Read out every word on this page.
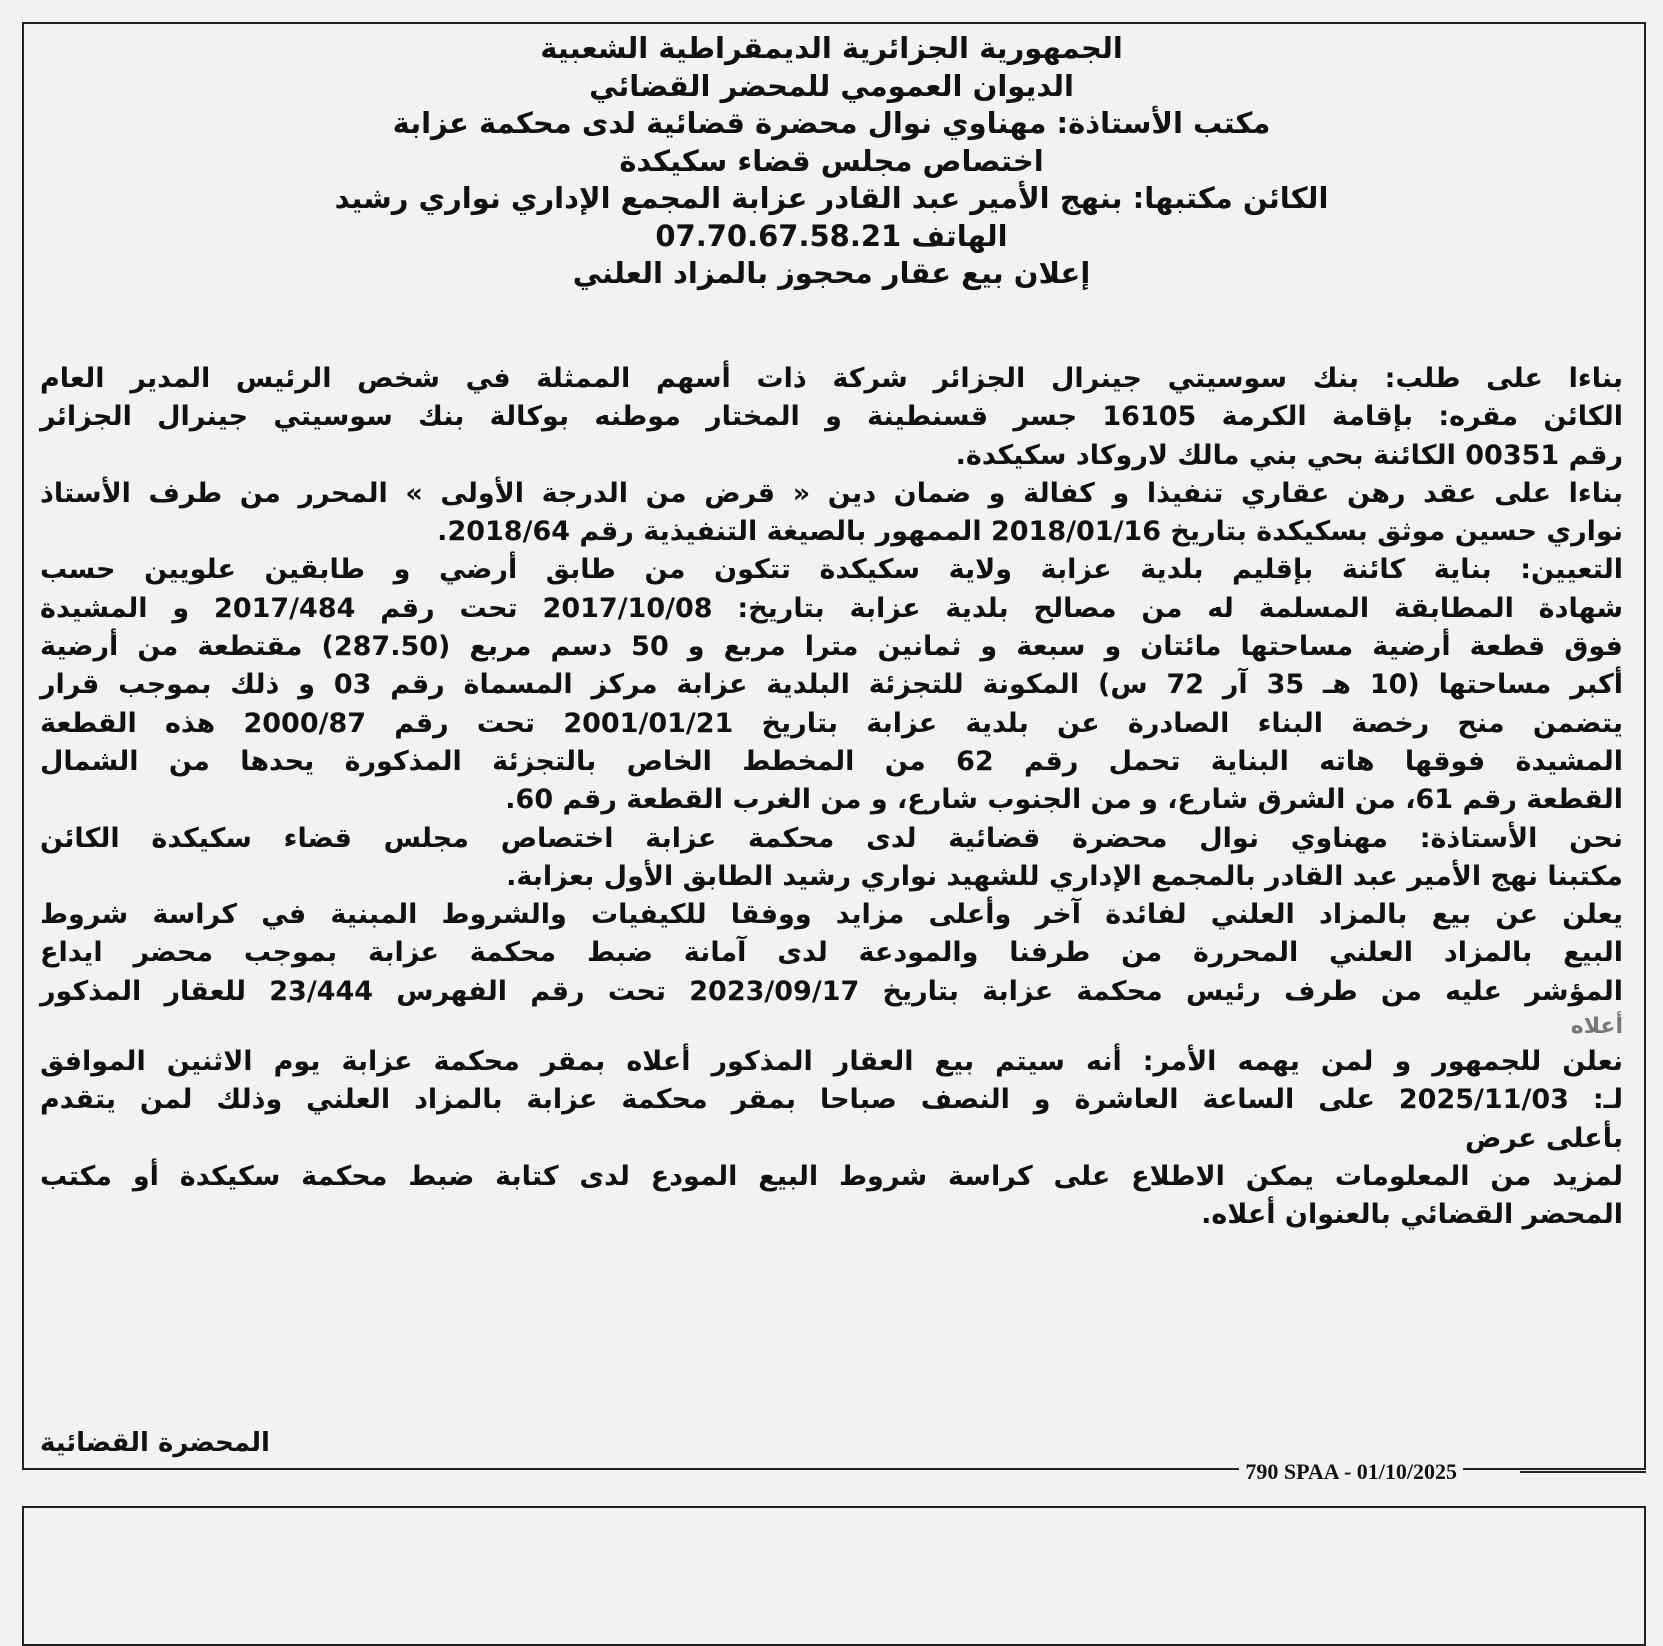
الجمهورية الجزائرية الديمقراطية الشعبية
الديوان العمومي للمحضر القضائي
مكتب الأستاذة: مهناوي نوال محضرة قضائية لدى محكمة عزابة
اختصاص مجلس قضاء سكيكدة
الكائن مكتبها: بنهج الأمير عبد القادر عزابة المجمع الإداري نواري رشيد
الهاتف 07.70.67.58.21
إعلان بيع عقار محجوز بالمزاد العلني
بناءا على طلب: بنك سوسيتي جينرال الجزائر شركة ذات أسهم الممثلة في شخص الرئيس المدير العام
الكائن مقره: بإقامة الكرمة 16105 جسر قسنطينة و المختار موطنه بوكالة بنك سوسيتي جينرال الجزائر
رقم 00351 الكائنة بحي بني مالك لاروكاد سكيكدة.
بناءا على عقد رهن عقاري تنفيذا و كفالة و ضمان دين « قرض من الدرجة الأولى » المحرر من طرف الأستاذ
نواري حسين موثق بسكيكدة بتاريخ 2018/01/16 الممهور بالصيغة التنفيذية رقم 2018/64.
التعيين: بناية كائنة بإقليم بلدية عزابة ولاية سكيكدة تتكون من طابق أرضي و طابقين علويين حسب
شهادة المطابقة المسلمة له من مصالح بلدية عزابة بتاريخ: 2017/10/08 تحت رقم 2017/484 و المشيدة
فوق قطعة أرضية مساحتها مائتان و سبعة و ثمانين مترا مربع و 50 دسم مربع (287.50) مقتطعة من أرضية
أكبر مساحتها (10 هـ 35 آر 72 س) المكونة للتجزئة البلدية عزابة مركز المسماة رقم 03 و ذلك بموجب قرار
يتضمن منح رخصة البناء الصادرة عن بلدية عزابة بتاريخ 2001/01/21 تحت رقم 2000/87 هذه القطعة
المشيدة فوقها هاته البناية تحمل رقم 62 من المخطط الخاص بالتجزئة المذكورة يحدها من الشمال
القطعة رقم 61، من الشرق شارع، و من الجنوب شارع، و من الغرب القطعة رقم 60.
نحن الأستاذة: مهناوي نوال محضرة قضائية لدى محكمة عزابة اختصاص مجلس قضاء سكيكدة الكائن
مكتبنا نهج الأمير عبد القادر بالمجمع الإداري للشهيد نواري رشيد الطابق الأول بعزابة.
يعلن عن بيع بالمزاد العلني لفائدة آخر وأعلى مزايد ووفقا للكيفيات والشروط المبنية في كراسة شروط
البيع بالمزاد العلني المحررة من طرفنا والمودعة لدى آمانة ضبط محكمة عزابة بموجب محضر ايداع
المؤشر عليه من طرف رئيس محكمة عزابة بتاريخ 2023/09/17 تحت رقم الفهرس 23/444 للعقار المذكور
أعلاه
نعلن للجمهور و لمن يهمه الأمر: أنه سيتم بيع العقار المذكور أعلاه بمقر محكمة عزابة يوم الاثنين الموافق
لـ: 2025/11/03 على الساعة العاشرة و النصف صباحا بمقر محكمة عزابة بالمزاد العلني وذلك لمن يتقدم
بأعلى عرض
لمزيد من المعلومات يمكن الاطلاع على كراسة شروط البيع المودع لدى كتابة ضبط محكمة سكيكدة أو مكتب
المحضر القضائي بالعنوان أعلاه.
المحضرة القضائية
790 SPAA - 01/10/2025
